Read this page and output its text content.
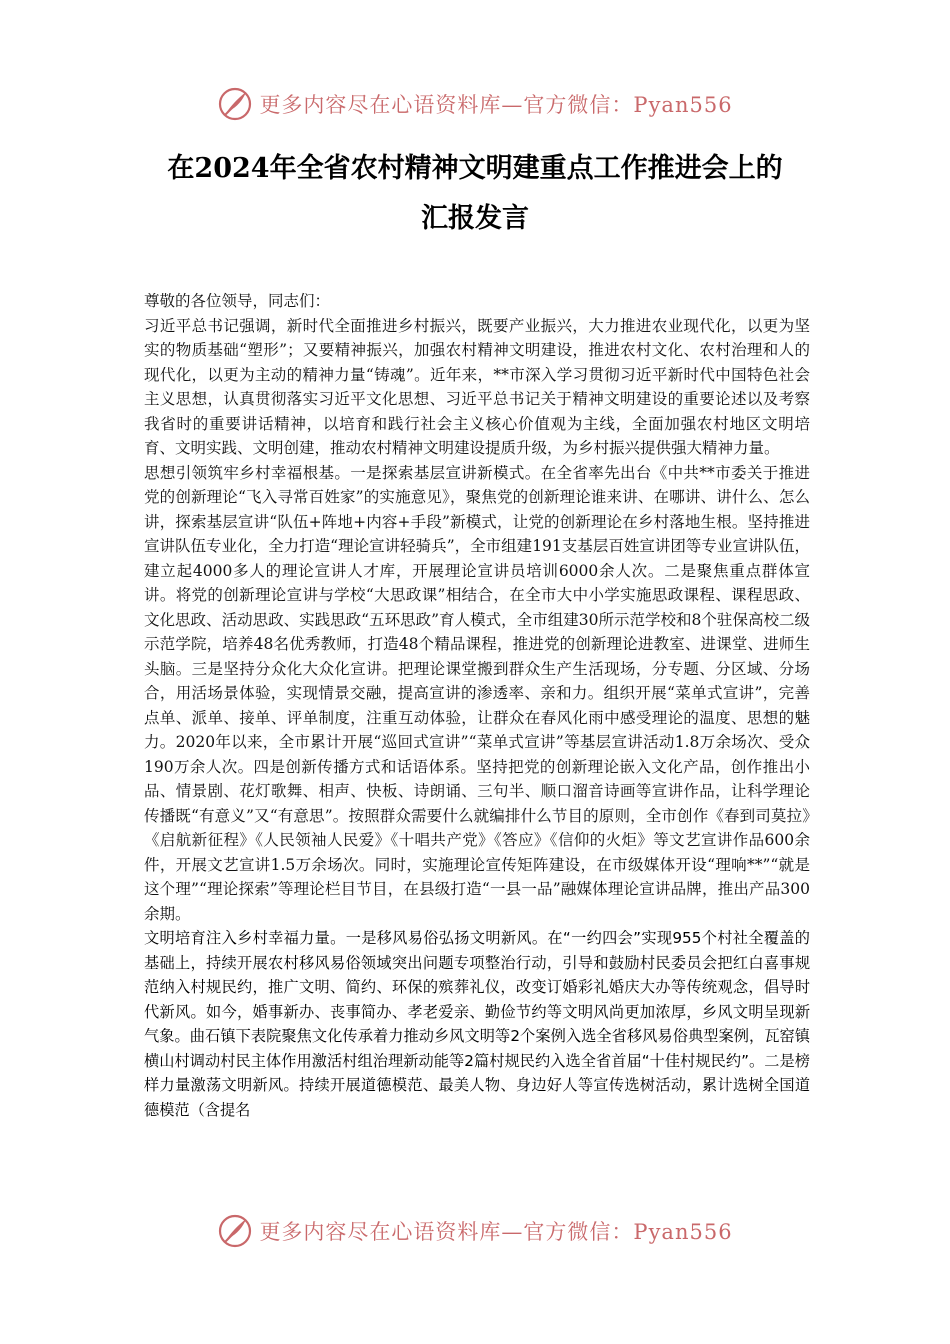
更多内容尽在心语资料库—官方微信：Pyan556
在2024年全省农村精神文明建重点工作推进会上的
汇报发言

尊敬的各位领导，同志们：

习近平总书记强调，新时代全面推进乡村振兴，既要产业振兴，大力推进农业现代化，以更为坚实的物质基础“塑形”；又要精神振兴，加强农村精神文明建设，推进农村文化、农村治理和人的现代化，以更为主动的精神力量“铸魂”。近年来，**市深入学习贯彻习近平新时代中国特色社会主义思想，认真贯彻落实习近平文化思想、习近平总书记关于精神文明建设的重要论述以及考察我省时的重要讲话精神，以培育和践行社会主义核心价值观为主线，全面加强农村地区文明培育、文明实践、文明创建，推动农村精神文明建设提质升级，为乡村振兴提供强大精神力量。

思想引领筑牢乡村幸福根基。一是探索基层宣讲新模式。在全省率先出台《中共**市委关于推进党的创新理论“飞入寻常百姓家”的实施意见》，聚焦党的创新理论谁来讲、在哪讲、讲什么、怎么讲，探索基层宣讲“队伍+阵地+内容+手段”新模式，让党的创新理论在乡村落地生根。坚持推进宣讲队伍专业化，全力打造“理论宣讲轻骑兵”，全市组建191支基层百姓宣讲团等专业宣讲队伍，建立起4000多人的理论宣讲人才库，开展理论宣讲员培训6000余人次。二是聚焦重点群体宣讲。将党的创新理论宣讲与学校“大思政课”相结合，在全市大中小学实施思政课程、课程思政、文化思政、活动思政、实践思政“五环思政”育人模式，全市组建30所示范学校和8个驻保高校二级示范学院，培养48名优秀教师，打造48个精品课程，推进党的创新理论进教室、进课堂、进师生头脑。三是坚持分众化大众化宣讲。把理论课堂搬到群众生产生活现场，分专题、分区域、分场合，用活场景体验，实现情景交融，提高宣讲的渗透率、亲和力。组织开展“菜单式宣讲”，完善点单、派单、接单、评单制度，注重互动体验，让群众在春风化雨中感受理论的温度、思想的魅力。2020年以来，全市累计开展“巡回式宣讲”“菜单式宣讲”等基层宣讲活动1.8万余场次、受众190万余人次。四是创新传播方式和话语体系。坚持把党的创新理论嵌入文化产品，创作推出小品、情景剧、花灯歌舞、相声、快板、诗朗诵、三句半、顺口溜音诗画等宣讲作品，让科学理论传播既“有意义”又“有意思”。按照群众需要什么就编排什么节目的原则，全市创作《春到司莫拉》《启航新征程》《人民领袖人民爱》《十唱共产党》《答应》《信仰的火炬》等文艺宣讲作品600余件，开展文艺宣讲1.5万余场次。同时，实施理论宣传矩阵建设，在市级媒体开设“理响**”“就是这个理”“理论探索”等理论栏目节目，在县级打造“一县一品”融媒体理论宣讲品牌，推出产品300余期。

文明培育注入乡村幸福力量。一是移风易俗弘扬文明新风。在“一约四会”实现955个村社全覆盖的基础上，持续开展农村移风易俗领域突出问题专项整治行动，引导和鼓励村民委员会把红白喜事规范纳入村规民约，推广文明、简约、环保的殡葬礼仪，改变订婚彩礼婚庆大办等传统观念，倡导时代新风。如今，婚事新办、丧事简办、孝老爱亲、勤俭节约等文明风尚更加浓厚，乡风文明呈现新气象。曲石镇下表院聚焦文化传承着力推动乡风文明等2个案例入选全省移风易俗典型案例，瓦窑镇横山村调动村民主体作用激活村组治理新动能等2篇村规民约入选全省首届“十佳村规民约”。二是榜样力量激荡文明新风。持续开展道德模范、最美人物、身边好人等宣传选树活动，累计选树全国道德模范（含提名

更多内容尽在心语资料库—官方微信：Pyan556
